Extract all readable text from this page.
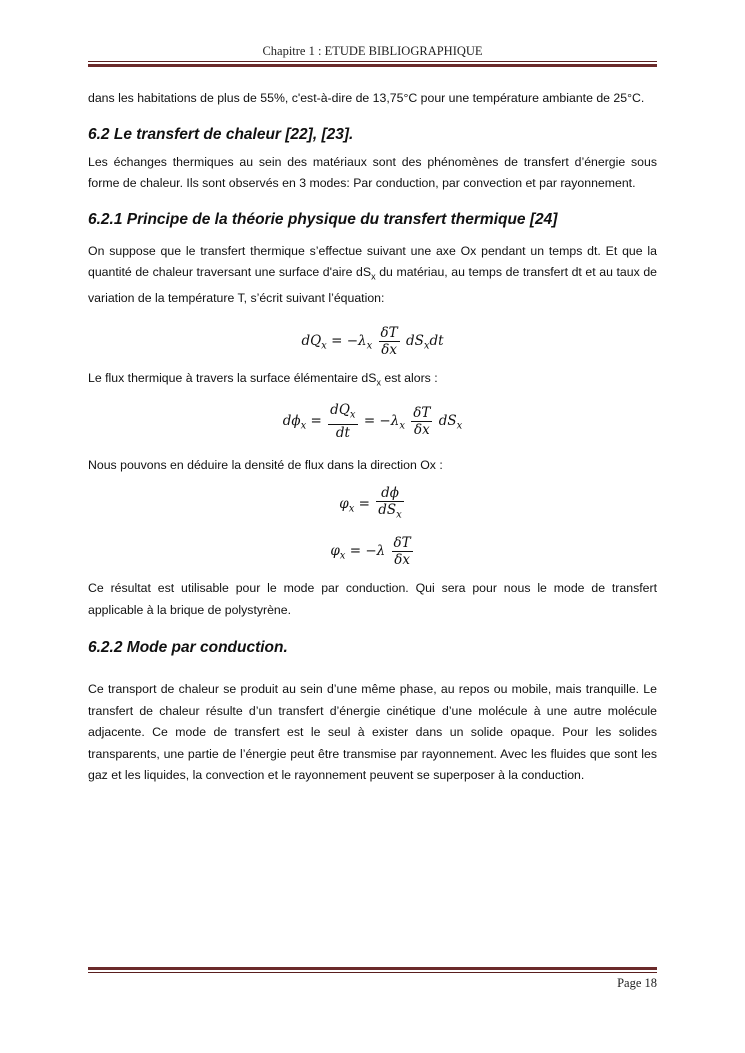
Chapitre 1 : ETUDE BIBLIOGRAPHIQUE

dans les habitations de plus de 55%, c'est-à-dire de 13,75°C pour une température ambiante de 25°C.

6.2 Le transfert de chaleur [22], [23].

Les échanges thermiques au sein des matériaux sont des phénomènes de transfert d’énergie sous forme de chaleur. Ils sont observés en 3 modes: Par conduction, par convection et par rayonnement.

6.2.1 Principe de la théorie physique du transfert thermique [24]

On suppose que le transfert thermique s’effectue suivant une axe Ox pendant un temps dt. Et que la quantité de chaleur traversant une surface d'aire $dS_x$ du matériau, au temps de transfert dt et au taux de variation de la température T, s’écrit suivant l’équation:

$dQ_x = -\lambda_x \frac{\delta T}{\delta x} dS_xdt$

Le flux thermique à travers la surface élémentaire $dS_x$ est alors :

$d\phi_x = \frac{dQ_x}{dt} = -\lambda_x \frac{\delta T}{\delta x} dS_x$

Nous pouvons en déduire la densité de flux dans la direction Ox :

$\varphi_x = \frac{d\phi}{dS_x}$
$\varphi_x = -\lambda \frac{\delta T}{\delta x}$

Ce résultat est utilisable pour le mode par conduction. Qui sera pour nous le mode de transfert applicable à la brique de polystyrène.

6.2.2 Mode par conduction.

Ce transport de chaleur se produit au sein d’une même phase, au repos ou mobile, mais tranquille. Le transfert de chaleur résulte d’un transfert d’énergie cinétique d’une molécule à une autre molécule adjacente. Ce mode de transfert est le seul à exister dans un solide opaque. Pour les solides transparents, une partie de l’énergie peut être transmise par rayonnement. Avec les fluides que sont les gaz et les liquides, la convection et le rayonnement peuvent se superposer à la conduction.

Page 18
